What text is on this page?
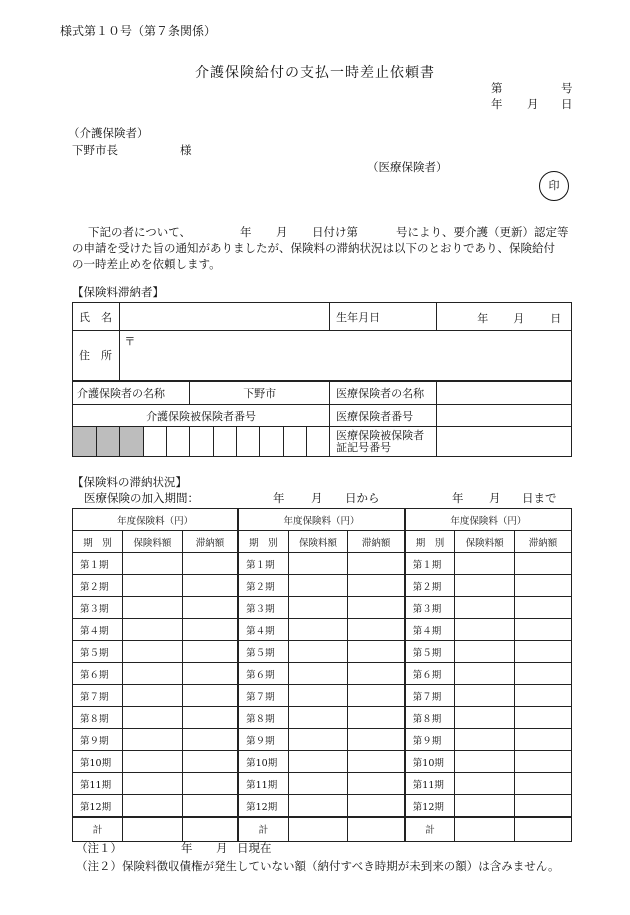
様式第１０号（第７条関係）
介護保険給付の支払一時差止依頼書
第	号
年 月 日
（介護保険者）
下野市長	様
（医療保険者）
印
下記の者について、	年 月 日付け第	号により、要介護（更新）認定等
の申請を受けた旨の通知がありましたが、保険料の滞納状況は以下のとおりであり、保険給付
の一時差止めを依頼します。
【保険料滞納者】
氏　名											生年月日	年 月 日

住　所		〒										
介護保険者の名称					下野市						医療保険者の名称	
介護保険被保険者番号											医療保険者番号	

											医療保険被保険者
証記号番号	

【保険料の滞納状況】
医療保険の加入期間：	年 月 日から	年 月 日まで
年度保険料（円）			年度保険料（円）			年度保険料（円）		
期　別	保険料額	滞納額	期　別	保険料額	滞納額	期　別	保険料額	滞納額
第１期			第１期			第１期		
第２期			第２期			第２期		
第３期			第３期			第３期		
第４期			第４期			第４期		
第５期			第５期			第５期		
第６期			第６期			第６期		
第７期			第７期			第７期		
第８期			第８期			第８期		
第９期			第９期			第９期		
第10期			第10期			第10期		
第11期			第11期			第11期		
第12期			第12期			第12期		
計			計			計		
（注１）	年 月 日現在
（注２）保険料徴収債権が発生していない額（納付すべき時期が未到来の額）は含みません。
